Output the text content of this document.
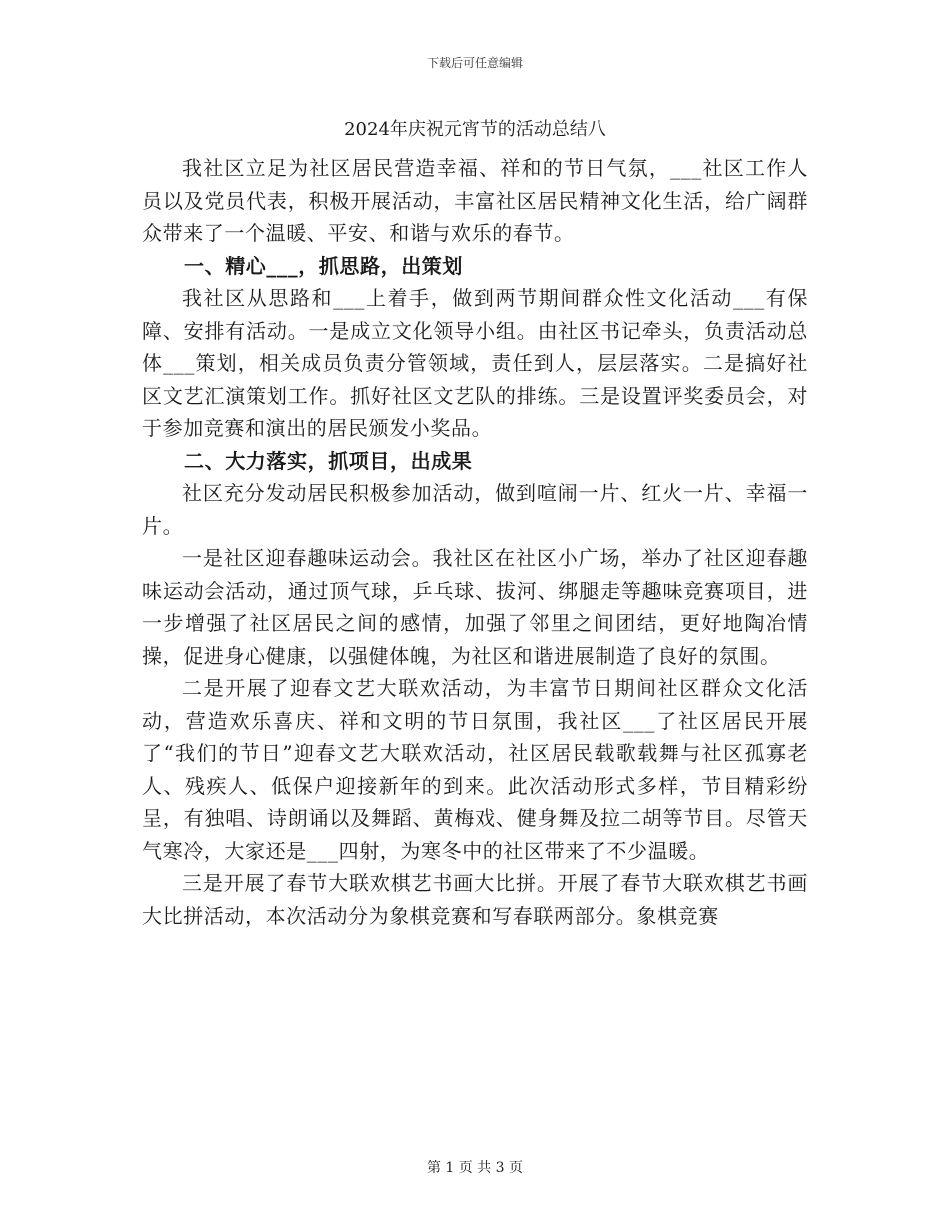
下载后可任意编辑
2024年庆祝元宵节的活动总结八

我社区立足为社区居民营造幸福、祥和的节日气氛，___社区工作人员以及党员代表，积极开展活动，丰富社区居民精神文化生活，给广阔群众带来了一个温暖、平安、和谐与欢乐的春节。

一、精心___，抓思路，出策划

我社区从思路和___上着手，做到两节期间群众性文化活动___有保障、安排有活动。一是成立文化领导小组。由社区书记牵头，负责活动总体___策划，相关成员负责分管领域，责任到人，层层落实。二是搞好社区文艺汇演策划工作。抓好社区文艺队的排练。三是设置评奖委员会，对于参加竞赛和演出的居民颁发小奖品。

二、大力落实，抓项目，出成果

社区充分发动居民积极参加活动，做到喧闹一片、红火一片、幸福一片。

一是社区迎春趣味运动会。我社区在社区小广场，举办了社区迎春趣味运动会活动，通过顶气球，乒乓球、拔河、绑腿走等趣味竞赛项目，进一步增强了社区居民之间的感情，加强了邻里之间团结，更好地陶冶情操，促进身心健康，以强健体魄，为社区和谐进展制造了良好的氛围。

二是开展了迎春文艺大联欢活动，为丰富节日期间社区群众文化活动，营造欢乐喜庆、祥和文明的节日氛围，我社区___了社区居民开展了“我们的节日”迎春文艺大联欢活动，社区居民载歌载舞与社区孤寡老人、残疾人、低保户迎接新年的到来。此次活动形式多样，节目精彩纷呈，有独唱、诗朗诵以及舞蹈、黄梅戏、健身舞及拉二胡等节目。尽管天气寒冷，大家还是___四射，为寒冬中的社区带来了不少温暖。

三是开展了春节大联欢棋艺书画大比拼。开展了春节大联欢棋艺书画大比拼活动，本次活动分为象棋竞赛和写春联两部分。象棋竞赛

第 1 页 共 3 页
